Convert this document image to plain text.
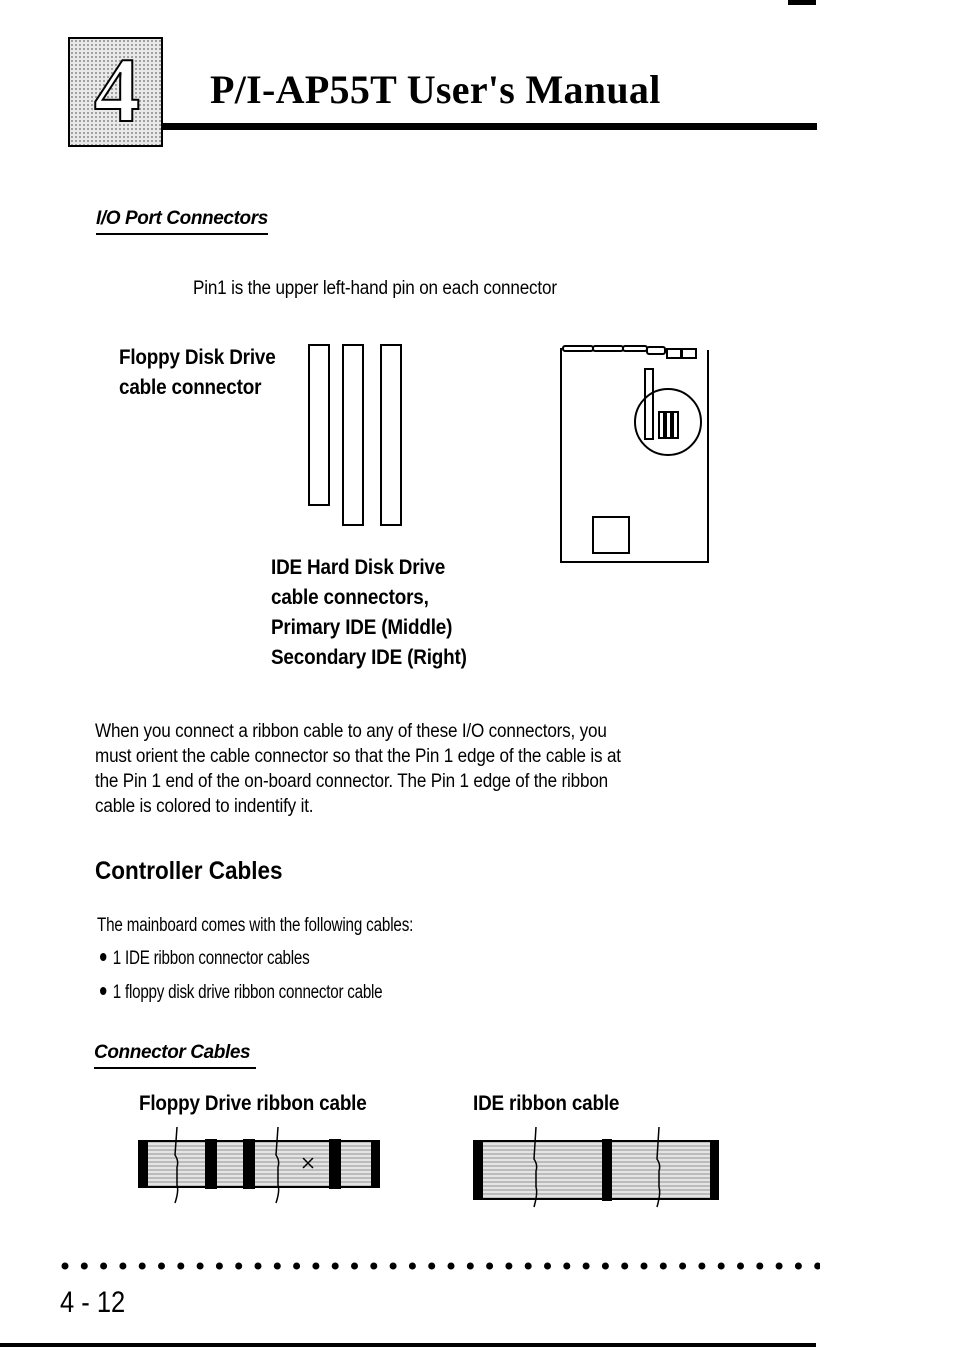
4	P/I-AP55T User's Manual
I/O Port Connectors
Pin1 is the upper left-hand pin on each connector
Floppy Disk Drive
cable connector
IDE Hard Disk Drive
cable connectors,
Primary IDE (Middle)
Secondary IDE (Right)
When you connect a ribbon cable to any of these I/O connectors, you
must orient the cable connector so that the Pin 1 edge of the cable is at
the Pin 1 end of the on-board connector. The Pin 1 edge of the ribbon
cable is colored to indentify it.
Controller Cables
The mainboard comes with the following cables:
1 IDE ribbon connector cables
1 floppy disk drive ribbon connector cable
Connector Cables
Floppy Drive ribbon cable	IDE ribbon cable
4 - 12
